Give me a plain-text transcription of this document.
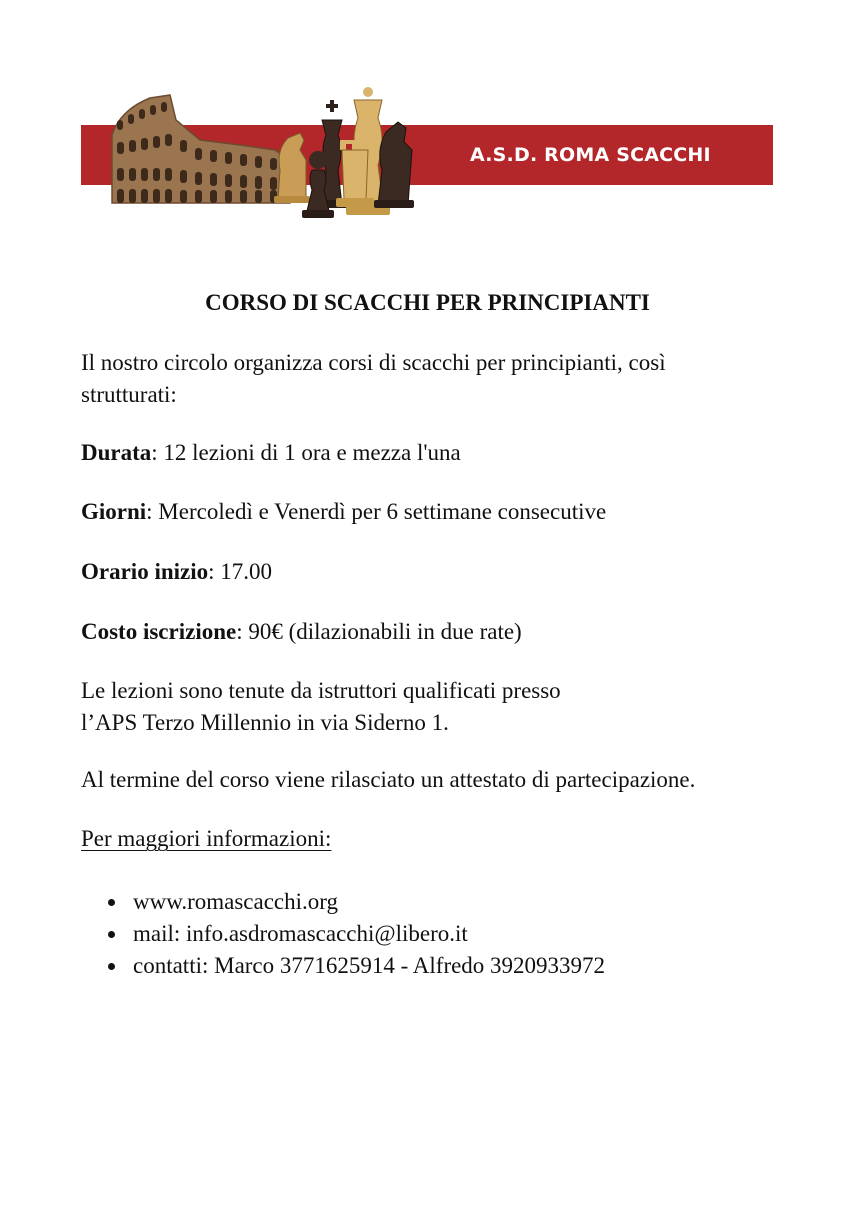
A.S.D. ROMA SCACCHI
CORSO DI SCACCHI PER PRINCIPIANTI
Il nostro circolo organizza corsi di scacchi per principianti, così
strutturati:
Durata: 12 lezioni di 1 ora e mezza l'una
Giorni: Mercoledì e Venerdì per 6 settimane consecutive
Orario inizio: 17.00
Costo iscrizione: 90€ (dilazionabili in due rate)
Le lezioni sono tenute da istruttori qualificati presso
l’APS Terzo Millennio in via Siderno 1.
Al termine del corso viene rilasciato un attestato di partecipazione.
Per maggiori informazioni:
www.romascacchi.org
mail: info.asdromascacchi@libero.it
contatti: Marco 3771625914 - Alfredo 3920933972
